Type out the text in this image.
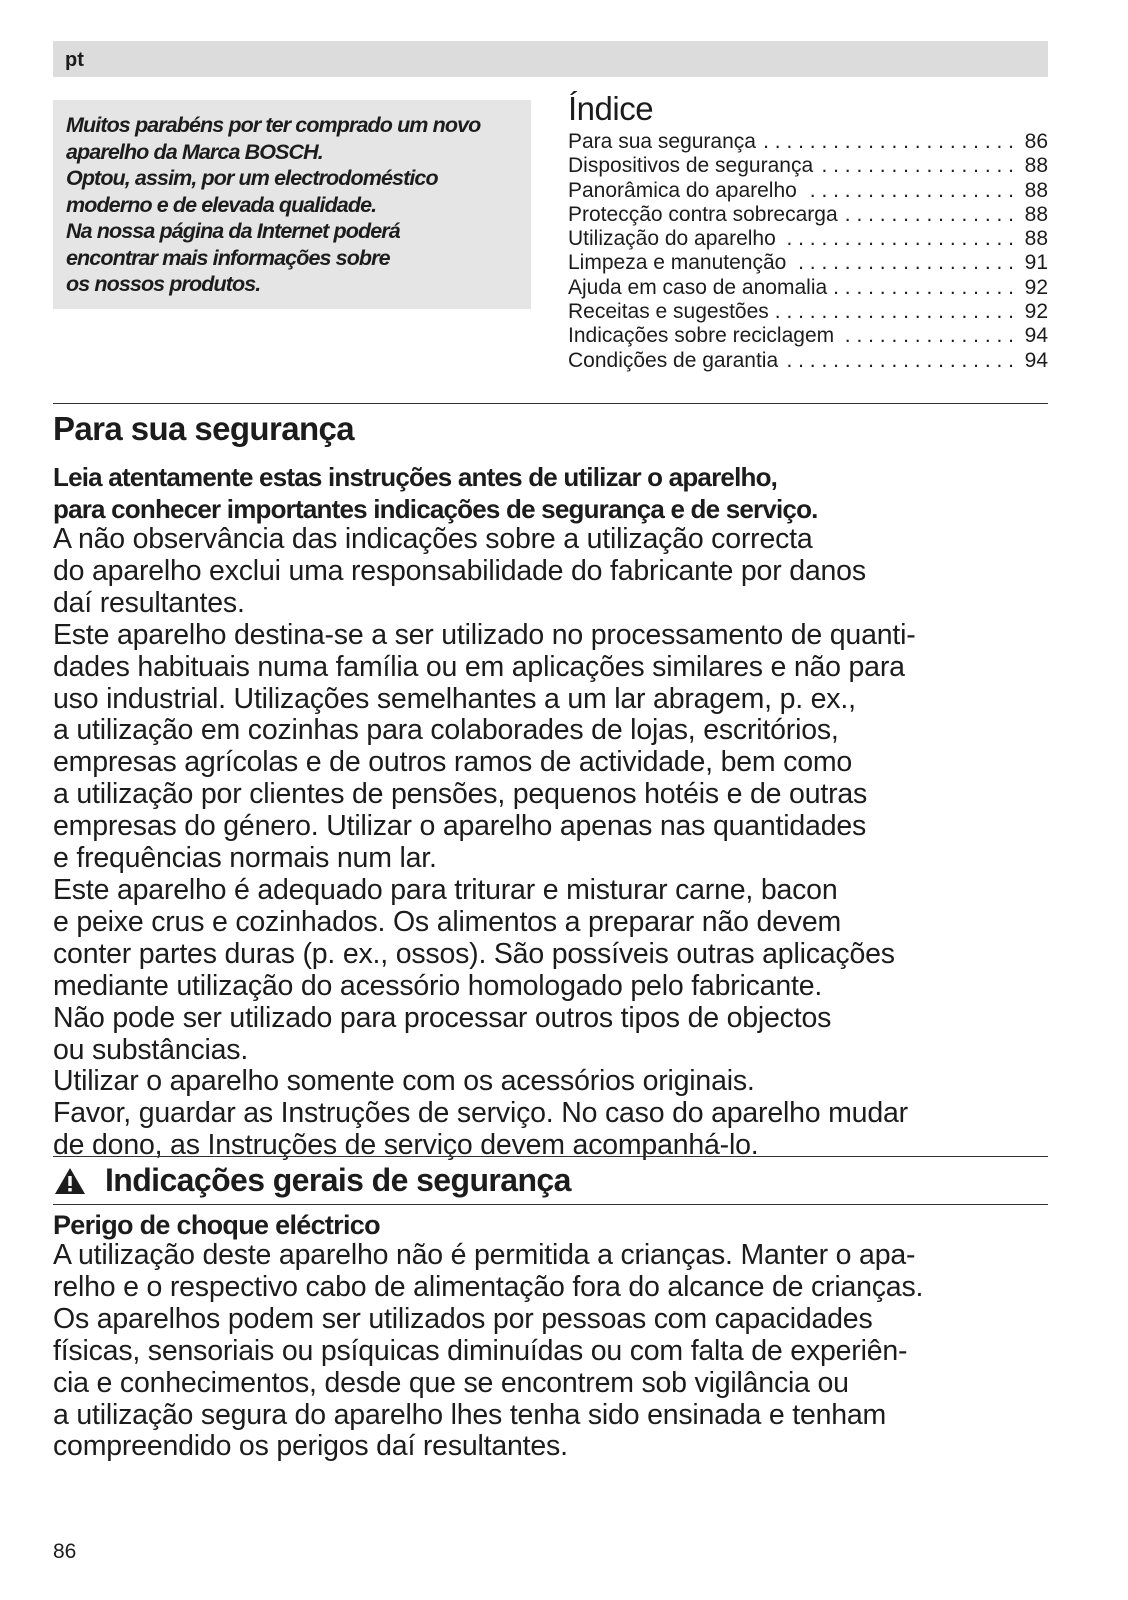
pt

Muitos parabéns por ter comprado um novo

aparelho da Marca BOSCH.

Optou, assim, por um electrodoméstico

moderno e de elevada qualidade.

Na nossa página da Internet poderá

encontrar mais informações sobre

os nossos produtos.

Índice
Para sua segurança . . .	86
Dispositivos de segurança . . .	88
Panorâmica do aparelho . . .	88
Protecção contra sobrecarga . . .	88
Utilização do aparelho . . .	88
Limpeza e manutenção . . .	91
Ajuda em caso de anomalia . . .	92
Receitas e sugestões . . .	92
Indicações sobre reciclagem . . .	94
Condições de garantia . . .	94
Para sua segurança
Leia atentamente estas instruções antes de utilizar o aparelho,
para conhecer importantes indicações de segurança e de serviço.
A não observância das indicações sobre a utilização correcta
do aparelho exclui uma responsabilidade do fabricante por danos
daí resultantes.
Este aparelho destina-se a ser utilizado no processamento de quanti-
dades habituais numa família ou em aplicações similares e não para
uso industrial. Utilizações semelhantes a um lar abragem, p. ex.,
a utilização em cozinhas para colaborades de lojas, escritórios,
empresas agrícolas e de outros ramos de actividade, bem como
a utilização por clientes de pensões, pequenos hotéis e de outras
empresas do género. Utilizar o aparelho apenas nas quantidades
e frequências normais num lar.
Este aparelho é adequado para triturar e misturar carne, bacon
e peixe crus e cozinhados. Os alimentos a preparar não devem
conter partes duras (p. ex., ossos). São possíveis outras aplicações
mediante utilização do acessório homologado pelo fabricante.
Não pode ser utilizado para processar outros tipos de objectos
ou substâncias.
Utilizar o aparelho somente com os acessórios originais.
Favor, guardar as Instruções de serviço. No caso do aparelho mudar
de dono, as Instruções de serviço devem acompanhá-lo.
Indicações gerais de segurança
Perigo de choque eléctrico
A utilização deste aparelho não é permitida a crianças. Manter o apa-
relho e o respectivo cabo de alimentação fora do alcance de crianças.
Os aparelhos podem ser utilizados por pessoas com capacidades
físicas, sensoriais ou psíquicas diminuídas ou com falta de experiên-
cia e conhecimentos, desde que se encontrem sob vigilância ou
a utilização segura do aparelho lhes tenha sido ensinada e tenham
compreendido os perigos daí resultantes.
86
